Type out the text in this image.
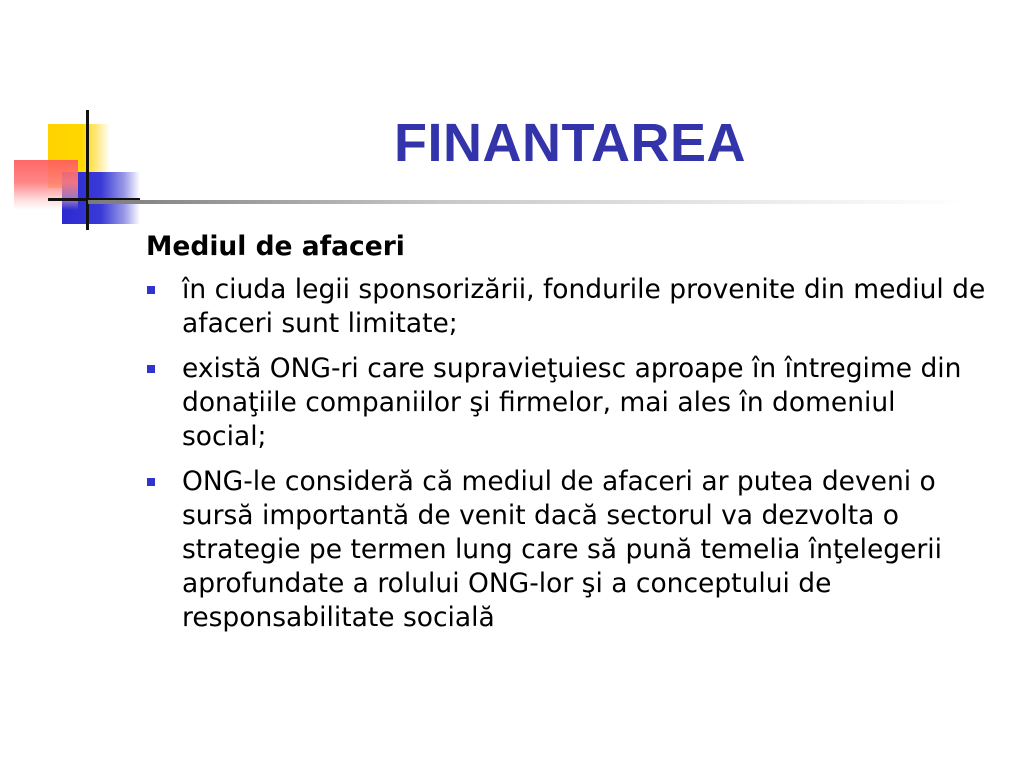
FINANTAREA
Mediul de afaceri
în ciuda legii sponsorizării, fondurile provenite din mediul de afaceri sunt limitate;
există ONG-ri care supravieţuiesc aproape în întregime din donaţiile companiilor şi firmelor, mai ales în domeniul social;
ONG-le consideră că mediul de afaceri ar putea deveni o sursă importantă de venit dacă sectorul va dezvolta o strategie pe termen lung care să pună temelia înţelegerii aprofundate a rolului ONG-lor şi a conceptului de responsabilitate socială
